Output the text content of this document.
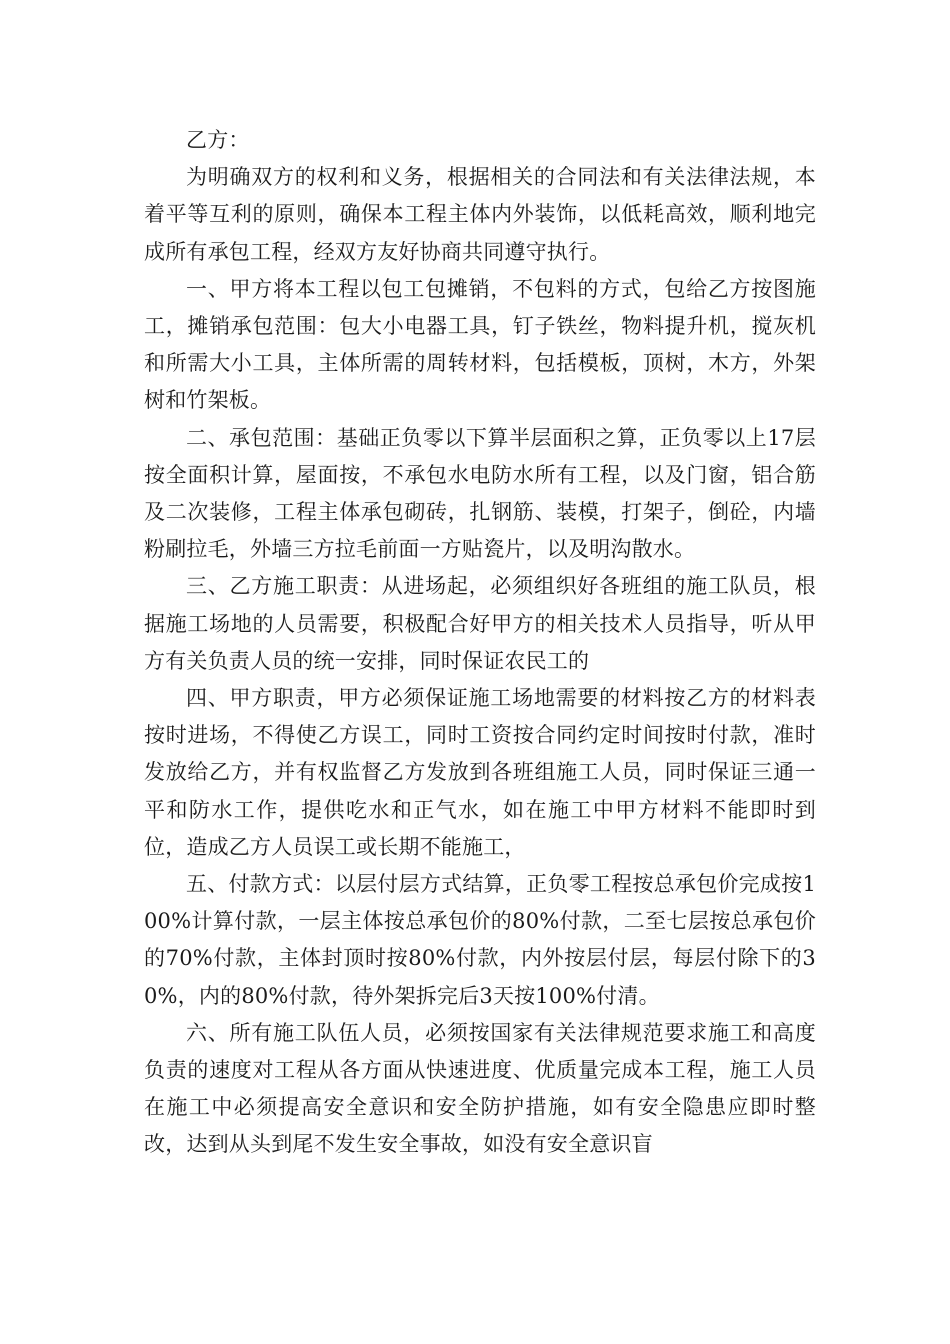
乙方：

为明确双方的权利和义务，根据相关的合同法和有关法律法规，本着平等互利的原则，确保本工程主体内外装饰，以低耗高效，顺利地完成所有承包工程，经双方友好协商共同遵守执行。

一、甲方将本工程以包工包摊销，不包料的方式，包给乙方按图施工，摊销承包范围：包大小电器工具，钉子铁丝，物料提升机，搅灰机和所需大小工具，主体所需的周转材料，包括模板，顶树，木方，外架树和竹架板。

二、承包范围：基础正负零以下算半层面积之算，正负零以上17层按全面积计算，屋面按，不承包水电防水所有工程，以及门窗，铝合筋及二次装修，工程主体承包砌砖，扎钢筋、装模，打架子，倒砼，内墙粉刷拉毛，外墙三方拉毛前面一方贴瓷片，以及明沟散水。

三、乙方施工职责：从进场起，必须组织好各班组的施工队员，根据施工场地的人员需要，积极配合好甲方的相关技术人员指导，听从甲方有关负责人员的统一安排，同时保证农民工的

四、甲方职责，甲方必须保证施工场地需要的材料按乙方的材料表按时进场，不得使乙方误工，同时工资按合同约定时间按时付款，准时发放给乙方，并有权监督乙方发放到各班组施工人员，同时保证三通一平和防水工作，提供吃水和正气水，如在施工中甲方材料不能即时到位，造成乙方人员误工或长期不能施工，

五、付款方式：以层付层方式结算，正负零工程按总承包价完成按100%计算付款，一层主体按总承包价的80%付款，二至七层按总承包价的70%付款，主体封顶时按80%付款，内外按层付层，每层付除下的30%，内的80%付款，待外架拆完后3天按100%付清。

六、所有施工队伍人员，必须按国家有关法律规范要求施工和高度负责的速度对工程从各方面从快速进度、优质量完成本工程，施工人员在施工中必须提高安全意识和安全防护措施，如有安全隐患应即时整改，达到从头到尾不发生安全事故，如没有安全意识盲
